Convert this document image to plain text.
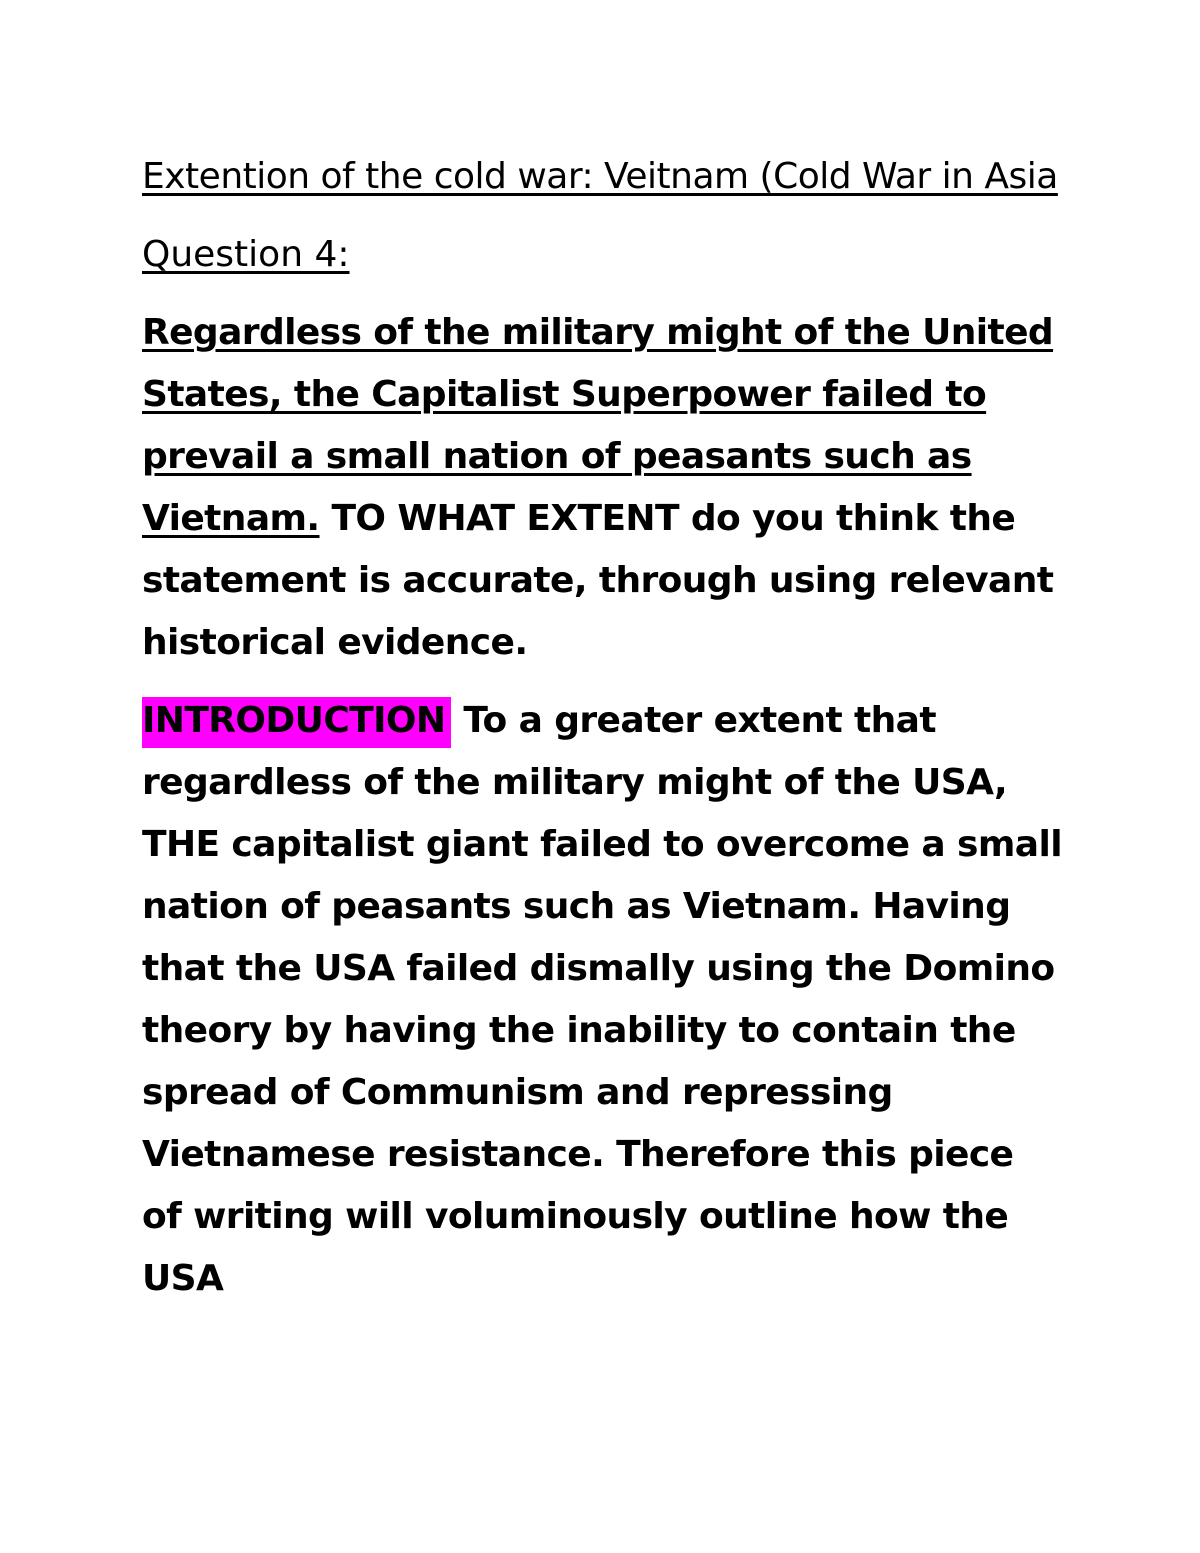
Extention of the cold war: Veitnam (Cold War in Asia

Question 4:

Regardless of the military might of the United States, the Capitalist Superpower failed to prevail a small nation of peasants such as Vietnam. TO WHAT EXTENT do you think the statement is accurate, through using relevant historical evidence.

INTRODUCTION To a greater extent that regardless of the military might of the USA, THE capitalist giant failed to overcome a small nation of peasants such as Vietnam. Having that the USA failed dismally using the Domino theory by having the inability to contain the spread of Communism and repressing Vietnamese resistance. Therefore this piece of writing will voluminously outline how the USA
